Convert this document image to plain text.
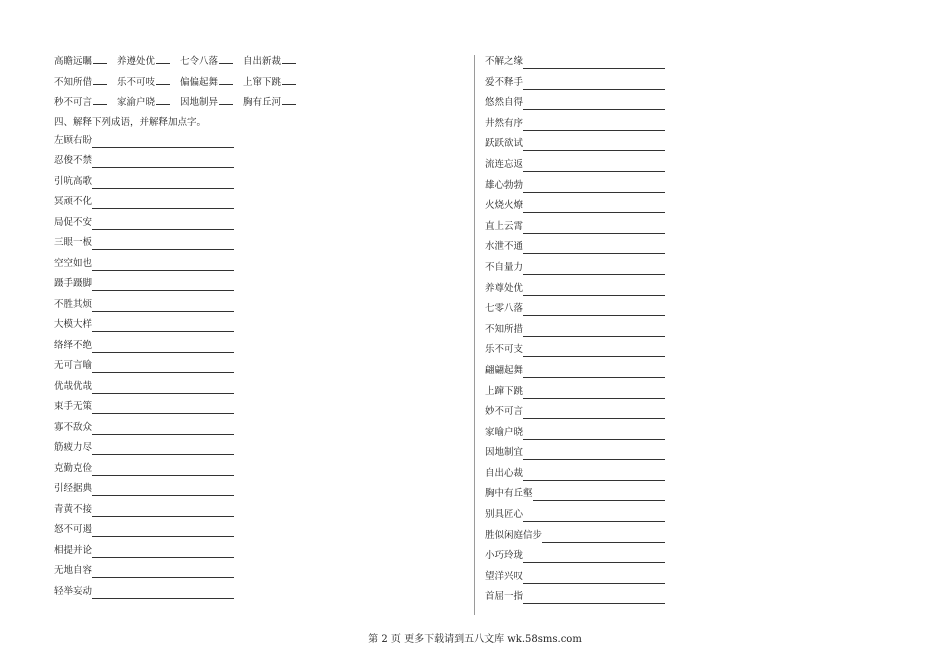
高瞻远瞩	养遵处优	七令八落	自出新裁
不知所借	乐不可吱	偏偏起舞	上窜下跳
秒不可言	家渝户晓	因地制异	胸有丘河
四、解释下列成语，并解释加点字。
左顾右盼
忍俊不禁
引吭高歌
冥顽不化
局促不安
三眼一板
空空如也
蹑手蹑脚
不胜其烦
大模大样
络绎不绝
无可言喻
优哉优哉
束手无策
寡不敌众
筋疲力尽
克勤克俭
引经据典
青黄不接
怒不可遏
相提并论
无地自容
轻举妄动
不解之缘
爱不释手
悠然自得
井然有序
跃跃欲试
流连忘返
雄心勃勃
火烧火燎
直上云霄
水泄不通
不自量力
养尊处优
七零八落
不知所措
乐不可支
翩翩起舞
上蹿下跳
妙不可言
家喻户晓
因地制宜
自出心裁
胸中有丘壑
别具匠心
胜似闲庭信步
小巧玲珑
望洋兴叹
首屈一指
第 2 页 更多下载请到五八文库 wk.58sms.com
